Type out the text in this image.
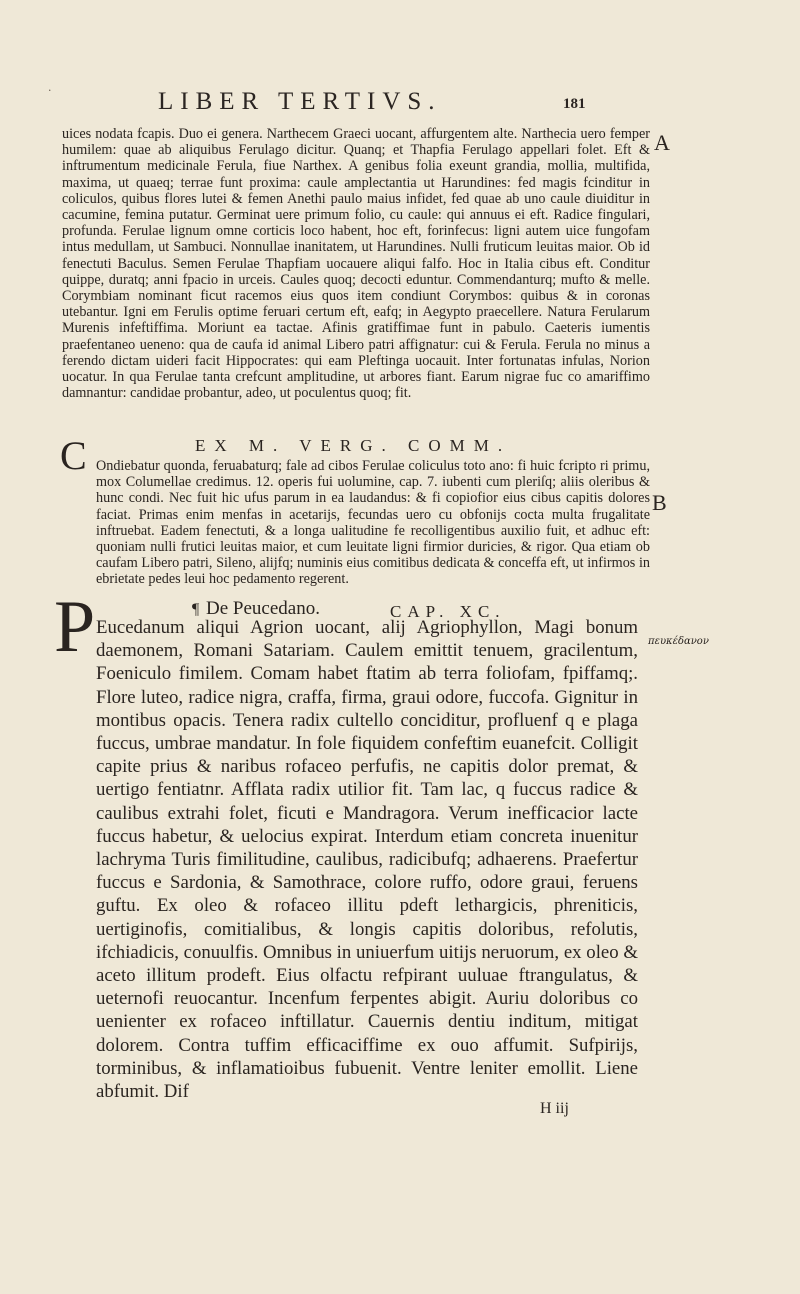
·	LIBER TERTIVS.	181
A
B
πευκέδανον

uices nodata fcapis. Duo ei genera. Narthecem Graeci uocant, affurgentem alte. Narthecia uero femper humilem: quae ab aliquibus Ferulago dicitur. Quanq; et Thapfia Ferulago appellari folet. Eft & inftrumentum medicinale Ferula, fiue Narthex. A genibus folia exeunt grandia, mollia, multifida, maxima, ut quaeq; terrae funt proxima: caule amplectantia ut Harundines: fed magis fcinditur in coliculos, quibus flores lutei & femen Anethi paulo maius infidet, fed quae ab uno caule diuiditur in cacumine, femina putatur. Germinat uere primum folio, cu caule: qui annuus ei eft. Radice fingulari, profunda. Ferulae lignum omne corticis loco habent, hoc eft, forinfecus: ligni autem uice fungofam intus medullam, ut Sambuci. Nonnullae inanitatem, ut Harundines. Nulli fruticum leuitas maior. Ob id fenectuti Baculus. Semen Ferulae Thapfiam uocauere aliqui falfo. Hoc in Italia cibus eft. Conditur quippe, duratq; anni fpacio in urceis. Caules quoq; decocti eduntur. Commendanturq; mufto & melle. Corymbiam nominant ficut racemos eius quos item condiunt Corymbos: quibus & in coronas utebantur. Igni em Ferulis optime feruari certum eft, eafq; in Aegypto praecellere. Natura Ferularum Murenis infeftiffima. Moriunt ea tactae. Afinis gratiffimae funt in pabulo. Caeteris iumentis praefentaneo ueneno: qua de caufa id animal Libero patri affignatur: cui & Ferula. Ferula no minus a ferendo dictam uideri facit Hippocrates: qui eam Pleftinga uocauit. Inter fortunatas infulas, Norion uocatur. In qua Ferulae tanta crefcunt amplitudine, ut arbores fiant. Earum nigrae fuc co amariffimo damnantur: candidae probantur, adeo, ut poculentus quoq; fit.

EX M. VERG. COMM.
C Ondiebatur quonda, feruabaturq; fale ad cibos Ferulae coliculus toto ano: fi huic fcripto ri primu, mox Columellae credimus. 12. operis fui uolumine, cap. 7. iubenti cum pleriſq; aliis oleribus & hunc condi. Nec fuit hic ufus parum in ea laudandus: & fi copiofior eius cibus capitis dolores faciat. Primas enim menfas in acetarijs, fecundas uero cu obfonijs cocta multa frugalitate inftruebat. Eadem fenectuti, & a longa ualitudine fe recolligentibus auxilio fuit, et adhuc eft: quoniam nulli frutici leuitas maior, et cum leuitate ligni firmior duricies, & rigor. Qua etiam ob caufam Libero patri, Sileno, alijfq; numinis eius comitibus dedicata & conceffa eft, ut infirmos in ebrietate pedes leui hoc pedamento regerent.

P	¶ De Peucedano.	CAP. XC.

Eucedanum aliqui Agrion uocant, alij Agriophyllon, Magi bonum daemonem, Romani Satariam. Caulem emittit tenuem, gracilentum, Foeniculo fimilem. Comam habet ftatim ab terra foliofam, fpiffamq;. Flore luteo, radice nigra, craffa, firma, graui odore, fuccofa. Gignitur in montibus opacis. Tenera radix cultello conciditur, profluenf q e plaga fuccus, umbrae mandatur. In fole fiquidem confeftim euanefcit. Colligit capite prius & naribus rofaceo perfufis, ne capitis dolor premat, & uertigo fentiatnr. Afflata radix utilior fit. Tam lac, q fuccus radice & caulibus extrahi folet, ficuti e Mandragora. Verum inefficacior lacte fuccus habetur, & uelocius expirat. Interdum etiam concreta inuenitur lachryma Turis fimilitudine, caulibus, radicibufq; adhaerens. Praefertur fuccus e Sardonia, & Samothrace, colore ruffo, odore graui, feruens guftu. Ex oleo & rofaceo illitu pdeft lethargicis, phreniticis, uertiginofis, comitialibus, & longis capitis doloribus, refolutis, ifchiadicis, conuulfis. Omnibus in uniuerfum uitijs neruorum, ex oleo & aceto illitum prodeft. Eius olfactu refpirant uuluae ftrangulatus, & ueternofi reuocantur. Incenfum ferpentes abigit. Auriu doloribus co uenienter ex rofaceo inftillatur. Cauernis dentiu inditum, mitigat dolorem. Contra tuffim efficaciffime ex ouo affumit. Sufpirijs, torminibus, & inflamatioibus fubuenit. Ventre leniter emollit. Liene abfumit. Dif

H iij
